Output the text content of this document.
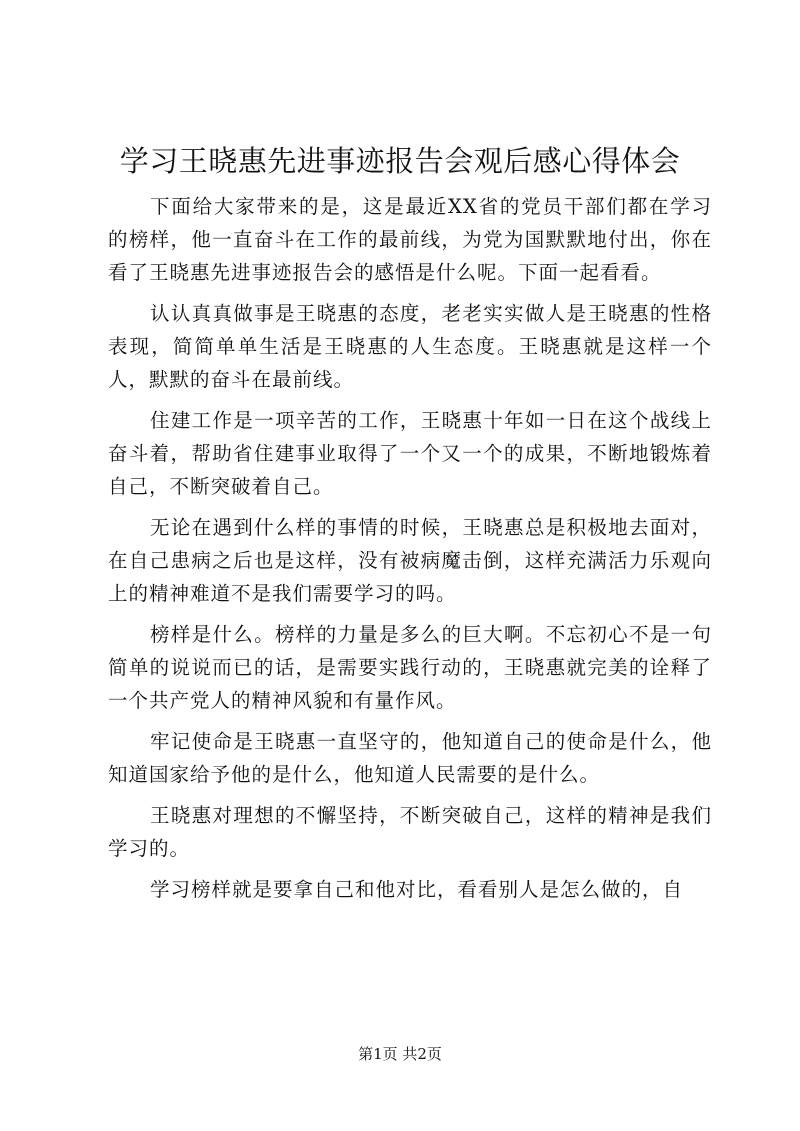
学习王晓惠先进事迹报告会观后感心得体会

下面给大家带来的是，这是最近XX省的党员干部们都在学习的榜样，他一直奋斗在工作的最前线，为党为国默默地付出，你在看了王晓惠先进事迹报告会的感悟是什么呢。下面一起看看。

认认真真做事是王晓惠的态度，老老实实做人是王晓惠的性格表现，简简单单生活是王晓惠的人生态度。王晓惠就是这样一个人，默默的奋斗在最前线。

住建工作是一项辛苦的工作，王晓惠十年如一日在这个战线上奋斗着，帮助省住建事业取得了一个又一个的成果，不断地锻炼着自己，不断突破着自己。

无论在遇到什么样的事情的时候，王晓惠总是积极地去面对，在自己患病之后也是这样，没有被病魔击倒，这样充满活力乐观向上的精神难道不是我们需要学习的吗。

榜样是什么。榜样的力量是多么的巨大啊。不忘初心不是一句简单的说说而已的话，是需要实践行动的，王晓惠就完美的诠释了一个共产党人的精神风貌和有量作风。

牢记使命是王晓惠一直坚守的，他知道自己的使命是什么，他知道国家给予他的是什么，他知道人民需要的是什么。

王晓惠对理想的不懈坚持，不断突破自己，这样的精神是我们学习的。

学习榜样就是要拿自己和他对比，看看别人是怎么做的，自

第1页 共2页
